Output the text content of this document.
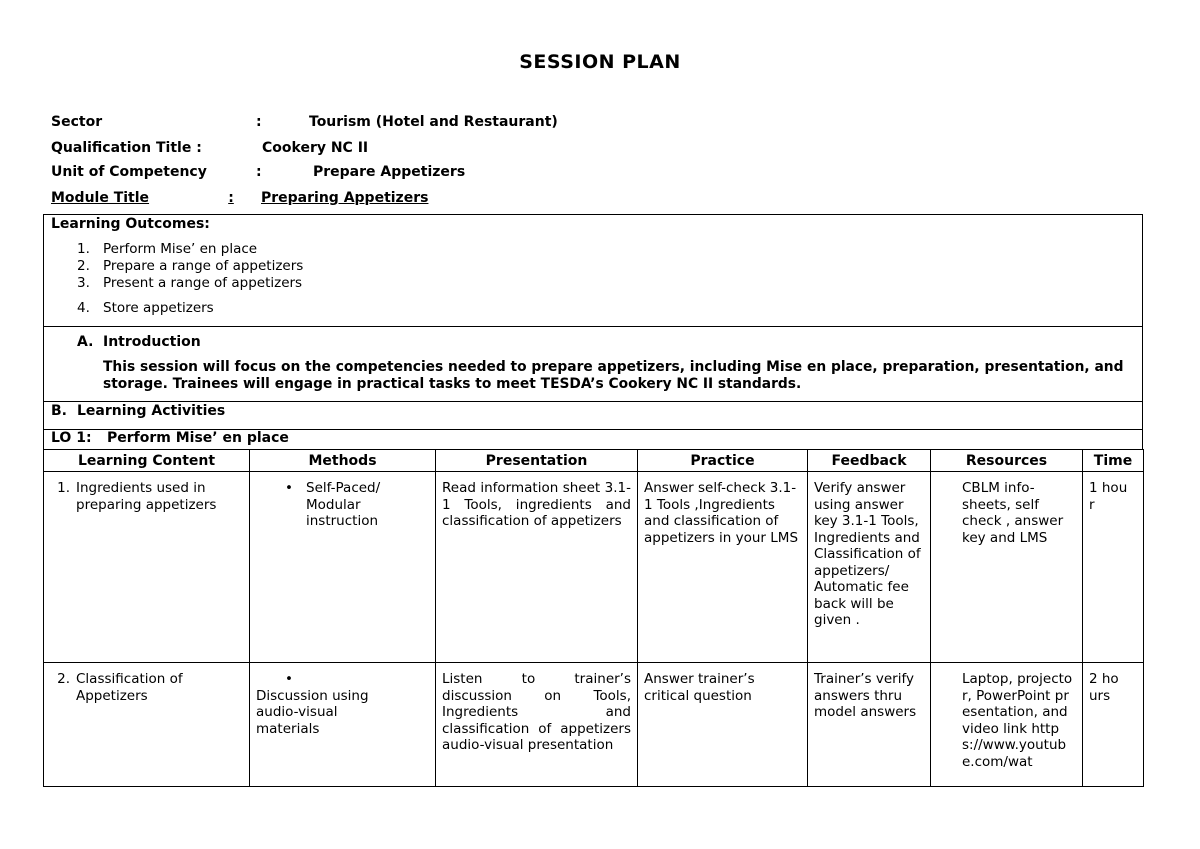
SESSION PLAN
Sector	:	Tourism (Hotel and Restaurant)
Qualification Title :	Cookery NC II
Unit of Competency	:	Prepare Appetizers
Module Title	:	Preparing Appetizers
Learning Outcomes:
1. Perform Mise’ en place
2. Prepare a range of appetizers
3. Present a range of appetizers
4. Store appetizers
A. Introduction
This session will focus on the competencies needed to prepare appetizers, including Mise en place, preparation, presentation, and storage. Trainees will engage in practical tasks to meet TESDA’s Cookery NC II standards.
B. Learning Activities
LO 1: Perform Mise’ en place
Learning Content	Methods	Presentation	Practice	Feedback	Resources	Time

1. Ingredients used in preparing appetizers	• Self-Paced/ Modular instruction	Read information sheet 3.1-1 Tools, ingredients and classification of appetizers	Answer self-check 3.1-1 Tools ,Ingredients and classification of appetizers in your LMS	Verify answer using answer key 3.1-1 Tools, Ingredients and Classification of appetizers/ Automatic fee back will be given .	CBLM info-sheets, self check , answer key and LMS	1 hour

2. Classification of Appetizers	•Discussion using audio-visual materials	Listen to trainer’s discussion on Tools, Ingredients and classification of appetizers audio-visual presentation	Answer trainer’s critical question	Trainer’s verify answers thru model answers	Laptop, projector, PowerPoint presentation, and video link https://www.youtube.com/wat	2 hours
